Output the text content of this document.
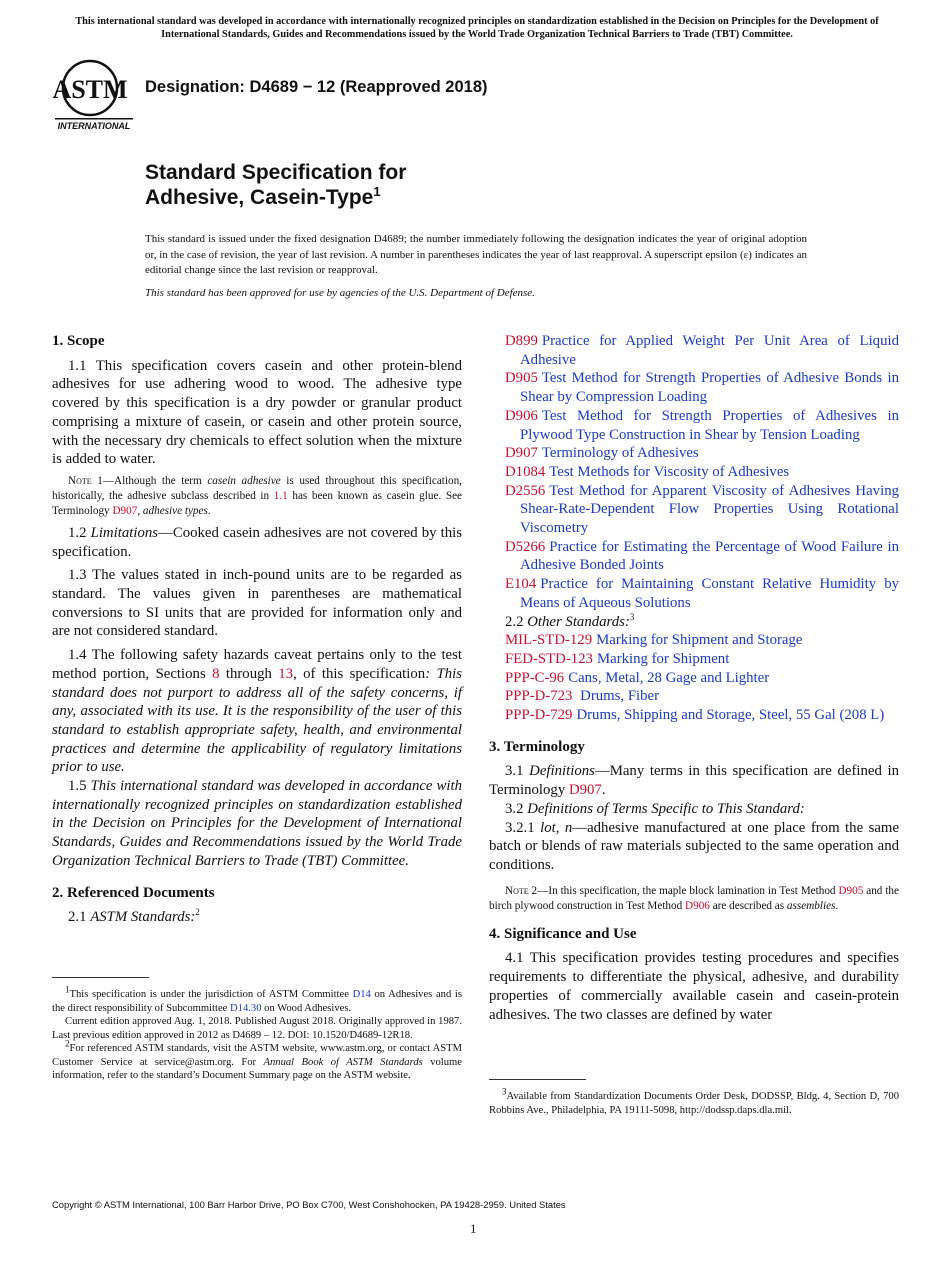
This international standard was developed in accordance with internationally recognized principles on standardization established in the Decision on Principles for the Development of International Standards, Guides and Recommendations issued by the World Trade Organization Technical Barriers to Trade (TBT) Committee.
ASTM
INTERNATIONAL
Designation: D4689 − 12 (Reapproved 2018)
Standard Specification for
Adhesive, Casein-Type$^1$
This standard is issued under the fixed designation D4689; the number immediately following the designation indicates the year of original adoption or, in the case of revision, the year of last revision. A number in parentheses indicates the year of last reapproval. A superscript epsilon (ε) indicates an editorial change since the last revision or reapproval.
This standard has been approved for use by agencies of the U.S. Department of Defense.
1. Scope

1.1 This specification covers casein and other protein-blend adhesives for use adhering wood to wood. The adhesive type covered by this specification is a dry powder or granular product comprising a mixture of casein, or casein and other protein source, with the necessary dry chemicals to effect solution when the mixture is added to water.

Note 1—Although the term casein adhesive is used throughout this specification, historically, the adhesive subclass described in 1.1 has been known as casein glue. See Terminology D907, adhesive types.

1.2 Limitations—Cooked casein adhesives are not covered by this specification.

1.3 The values stated in inch-pound units are to be regarded as standard. The values given in parentheses are mathematical conversions to SI units that are provided for information only and are not considered standard.

1.4 The following safety hazards caveat pertains only to the test method portion, Sections 8 through 13, of this specification: This standard does not purport to address all of the safety concerns, if any, associated with its use. It is the responsibility of the user of this standard to establish appropriate safety, health, and environmental practices and determine the applicability of regulatory limitations prior to use.

1.5 This international standard was developed in accordance with internationally recognized principles on standardization established in the Decision on Principles for the Development of International Standards, Guides and Recommendations issued by the World Trade Organization Technical Barriers to Trade (TBT) Committee.

2. Referenced Documents

2.1 ASTM Standards:$^2$

$^1$This specification is under the jurisdiction of ASTM Committee D14 on Adhesives and is the direct responsibility of Subcommittee D14.30 on Wood Adhesives.

Current edition approved Aug. 1, 2018. Published August 2018. Originally approved in 1987. Last previous edition approved in 2012 as D4689 – 12. DOI: 10.1520/D4689-12R18.

$^2$For referenced ASTM standards, visit the ASTM website, www.astm.org, or contact ASTM Customer Service at service@astm.org. For Annual Book of ASTM Standards volume information, refer to the standard’s Document Summary page on the ASTM website.

D899 Practice for Applied Weight Per Unit Area of Liquid Adhesive

D905 Test Method for Strength Properties of Adhesive Bonds in Shear by Compression Loading

D906 Test Method for Strength Properties of Adhesives in Plywood Type Construction in Shear by Tension Loading

D907 Terminology of Adhesives

D1084 Test Methods for Viscosity of Adhesives

D2556 Test Method for Apparent Viscosity of Adhesives Having Shear-Rate-Dependent Flow Properties Using Rotational Viscometry

D5266 Practice for Estimating the Percentage of Wood Failure in Adhesive Bonded Joints

E104 Practice for Maintaining Constant Relative Humidity by Means of Aqueous Solutions

2.2 Other Standards:$^3$

MIL-STD-129 Marking for Shipment and Storage

FED-STD-123 Marking for Shipment

PPP-C-96 Cans, Metal, 28 Gage and Lighter

PPP-D-723 Drums, Fiber

PPP-D-729 Drums, Shipping and Storage, Steel, 55 Gal (208 L)

3. Terminology

3.1 Definitions—Many terms in this specification are defined in Terminology D907.

3.2 Definitions of Terms Specific to This Standard:

3.2.1 lot, n—adhesive manufactured at one place from the same batch or blends of raw materials subjected to the same operation and conditions.

Note 2—In this specification, the maple block lamination in Test Method D905 and the birch plywood construction in Test Method D906 are described as assemblies.
4. Significance and Use

4.1 This specification provides testing procedures and specifies requirements to differentiate the physical, adhesive, and durability properties of commercially available casein and casein-protein adhesives. The two classes are defined by water

$^3$Available from Standardization Documents Order Desk, DODSSP, Bldg. 4, Section D, 700 Robbins Ave., Philadelphia, PA 19111-5098, http://dodssp.daps.dla.mil.

Copyright © ASTM International, 100 Barr Harbor Drive, PO Box C700, West Conshohocken, PA 19428-2959. United States
1
